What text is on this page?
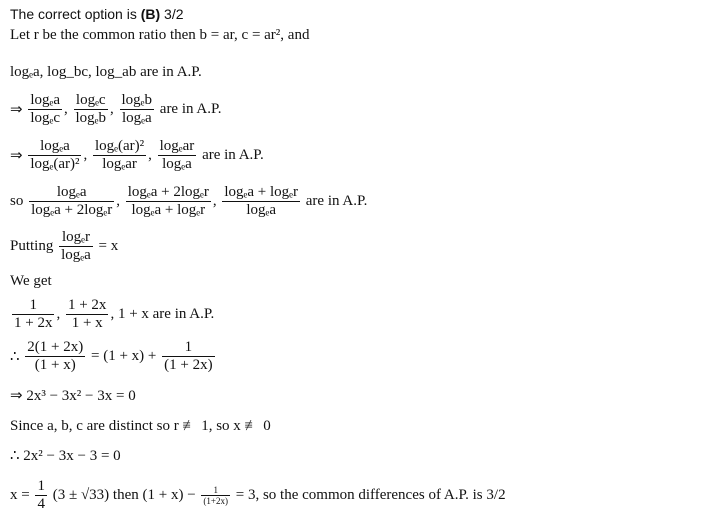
The correct option is (B) 3/2
Let r be the common ratio then b = ar, c = ar², and
logₑa, log_bc, log_ab are in A.P.
⇒ $\frac{\text{logₑa}}{\text{logₑc}}$ , $\frac{\text{logₑc}}{\text{logₑb}}$ , $\frac{\text{logₑb}}{\text{logₑa}}$ are in A.P.
⇒ $\frac{\text{logₑa}}{\text{logₑ(ar)²}}$ , $\frac{\text{logₑ(ar)²}}{\text{logₑar}}$ , $\frac{\text{logₑar}}{\text{logₑa}}$ are in A.P.
so $\frac{\text{logₑa}}{\text{logₑa + 2logₑr}}$ , $\frac{\text{logₑa + 2logₑr}}{\text{logₑa + logₑr}}$ , $\frac{\text{logₑa + logₑr}}{\text{logₑa}}$ are in A.P.
Putting $\frac{\text{logₑr}}{\text{logₑa}} = x$
We get
$\frac{1}{1 + 2x}$ , $\frac{1 + 2x}{1 + x}$ , 1 + x are in A.P.
∴ $\frac{2(1 + 2x)}{(1 + x)} = (1 + x) + \frac{1}{(1 + 2x)}$
⇒ 2x³ − 3x² − 3x = 0
Since a, b, c are distinct so r ≢ 1, so x ≢ 0
∴ 2x² − 3x − 3 = 0
$x = \frac{1}{4} (3 \pm √33)$ then $(1 + x) - \frac{1}{(1+2x)} = 3$, so the common differences of A.P. is 3/2
